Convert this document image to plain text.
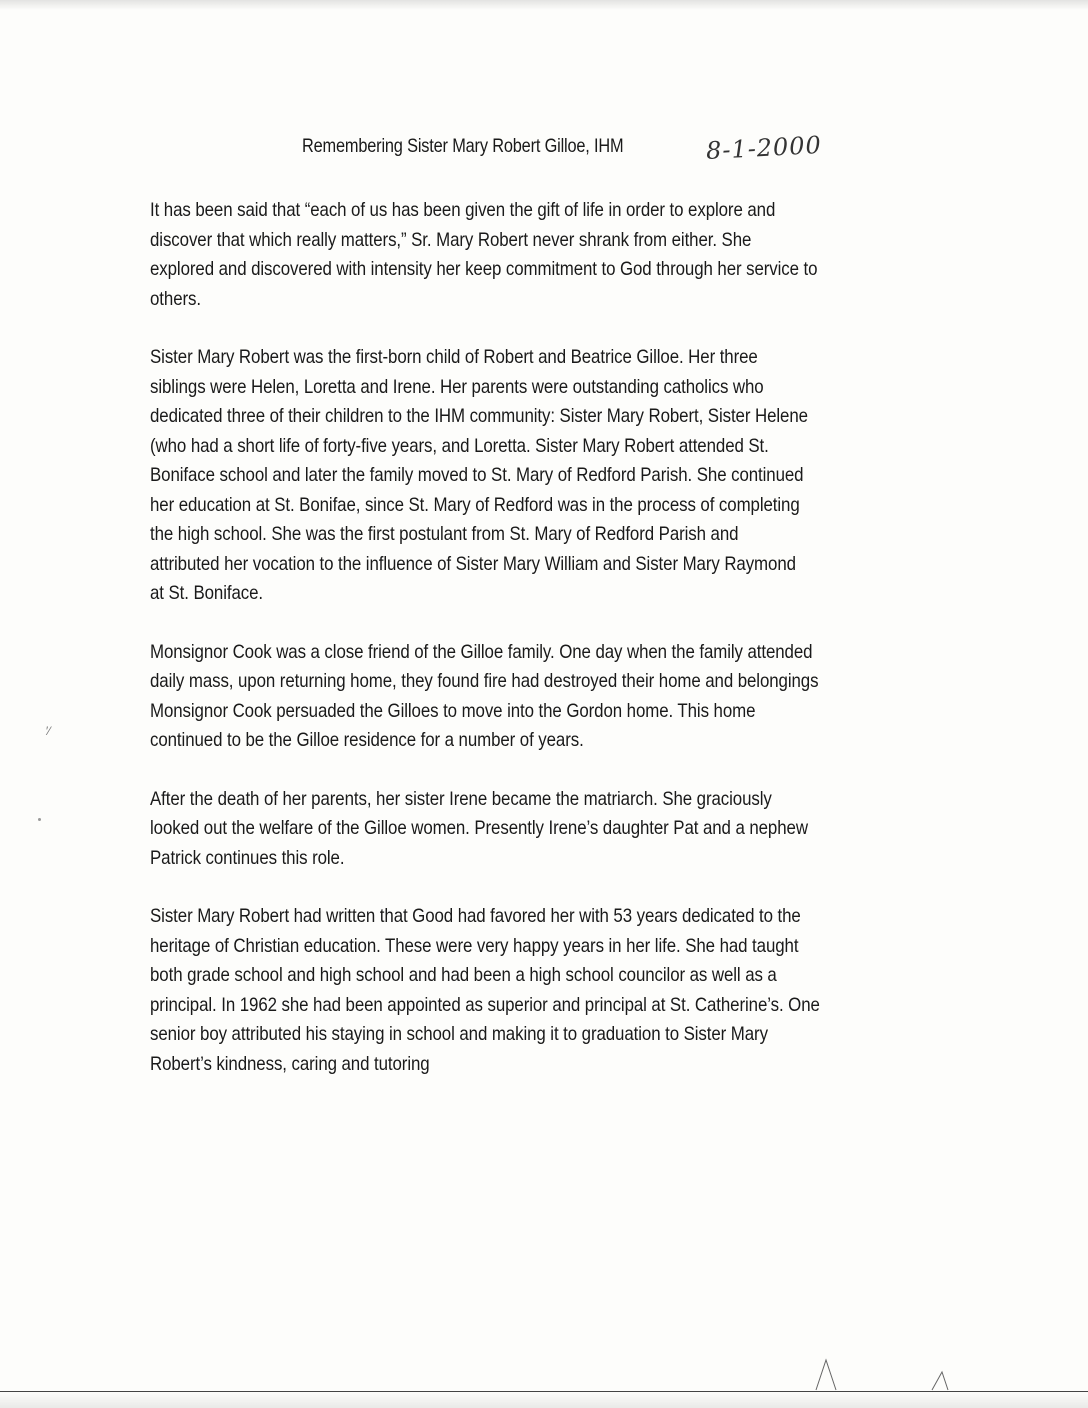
Remembering Sister Mary Robert Gilloe, IHM	8-1-2000
′⁄
It has been said that “each of us has been given the gift of life in order to explore and
discover that which really matters,” Sr. Mary Robert never shrank from either. She
explored and discovered with intensity her keep commitment to God through her service to
others.
Sister Mary Robert was the first-born child of Robert and Beatrice Gilloe. Her three
siblings were Helen, Loretta and Irene. Her parents were outstanding catholics who
dedicated three of their children to the IHM community: Sister Mary Robert, Sister Helene
(who had a short life of forty-five years, and Loretta. Sister Mary Robert attended St.
Boniface school and later the family moved to St. Mary of Redford Parish. She continued
her education at St. Bonifae, since St. Mary of Redford was in the process of completing
the high school. She was the first postulant from St. Mary of Redford Parish and
attributed her vocation to the influence of Sister Mary William and Sister Mary Raymond
at St. Boniface.
Monsignor Cook was a close friend of the Gilloe family. One day when the family attended
daily mass, upon returning home, they found fire had destroyed their home and belongings
Monsignor Cook persuaded the Gilloes to move into the Gordon home. This home
continued to be the Gilloe residence for a number of years.
After the death of her parents, her sister Irene became the matriarch. She graciously
looked out the welfare of the Gilloe women. Presently Irene’s daughter Pat and a nephew
Patrick continues this role.
Sister Mary Robert had written that Good had favored her with 53 years dedicated to the
heritage of Christian education. These were very happy years in her life. She had taught
both grade school and high school and had been a high school councilor as well as a
principal. In 1962 she had been appointed as superior and principal at St. Catherine’s. One
senior boy attributed his staying in school and making it to graduation to Sister Mary
Robert’s kindness, caring and tutoring
